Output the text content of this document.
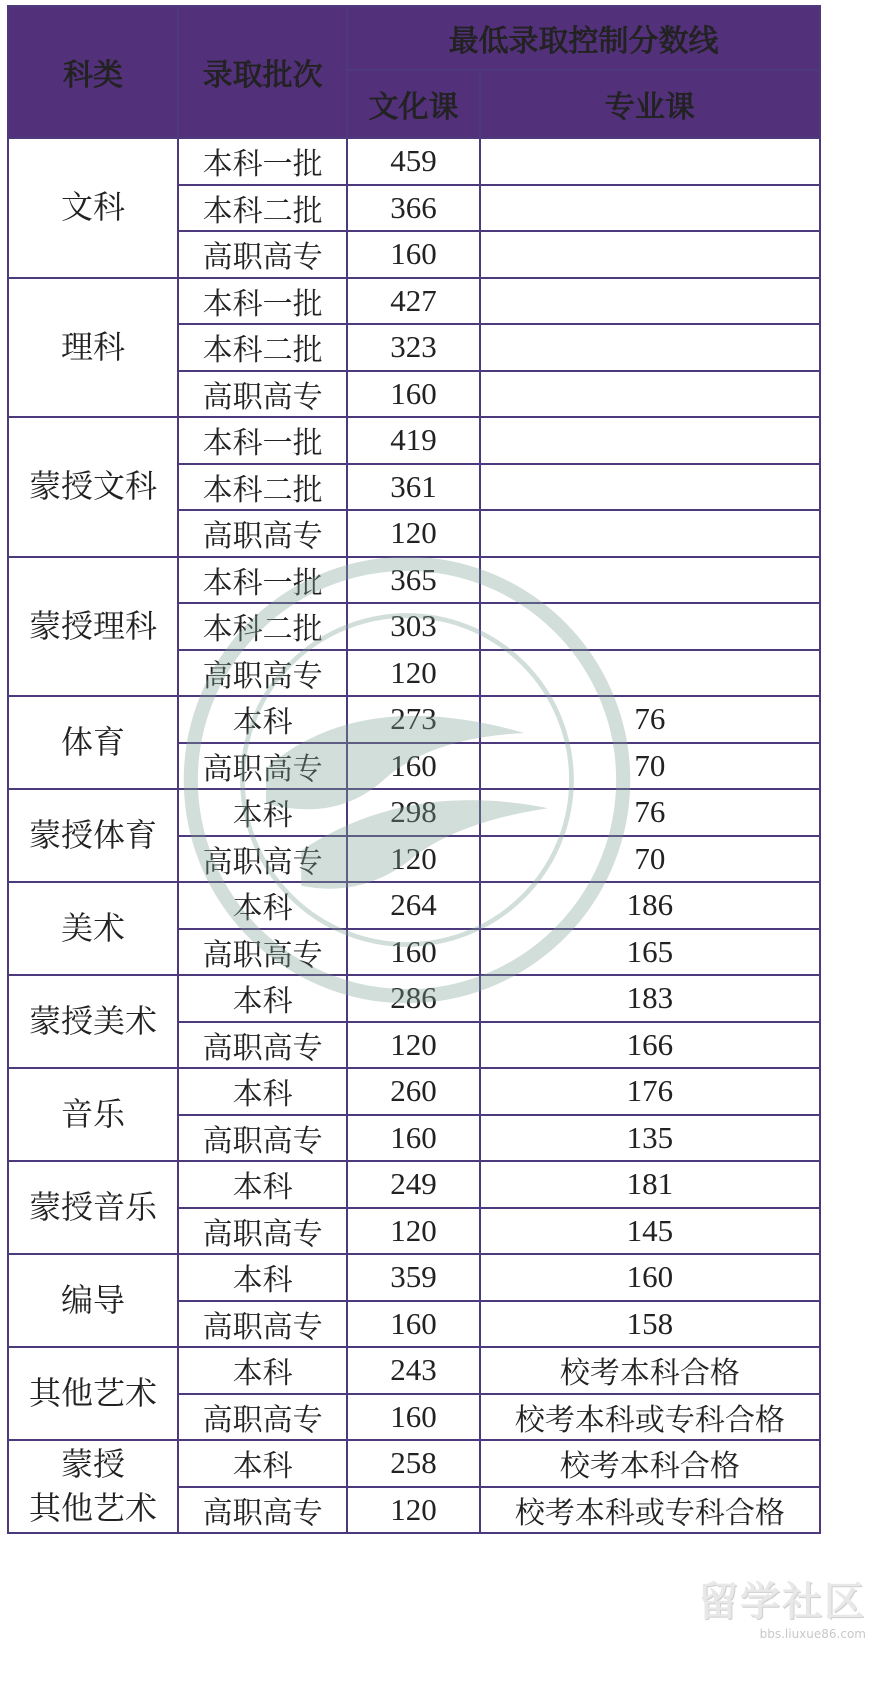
科类	录取批次	最低录取控制分数线	
		文化课	专业课
文科	本科一批	459	
	本科二批	366	
	高职高专	160	
理科	本科一批	427	
	本科二批	323	
	高职高专	160	
蒙授文科	本科一批	419	
	本科二批	361	
	高职高专	120	
蒙授理科	本科一批	365	
	本科二批	303	
	高职高专	120	
体育	本科	273	76
	高职高专	160	70
蒙授体育	本科	298	76
	高职高专	120	70
美术	本科	264	186
	高职高专	160	165
蒙授美术	本科	286	183
	高职高专	120	166
音乐	本科	260	176
	高职高专	160	135
蒙授音乐	本科	249	181
	高职高专	120	145
编导	本科	359	160
	高职高专	160	158
其他艺术	本科	243	校考本科合格
	高职高专	160	校考本科或专科合格
蒙授
其他艺术	本科	258	校考本科合格
	高职高专	120	校考本科或专科合格
留学社区
bbs.liuxue86.com
